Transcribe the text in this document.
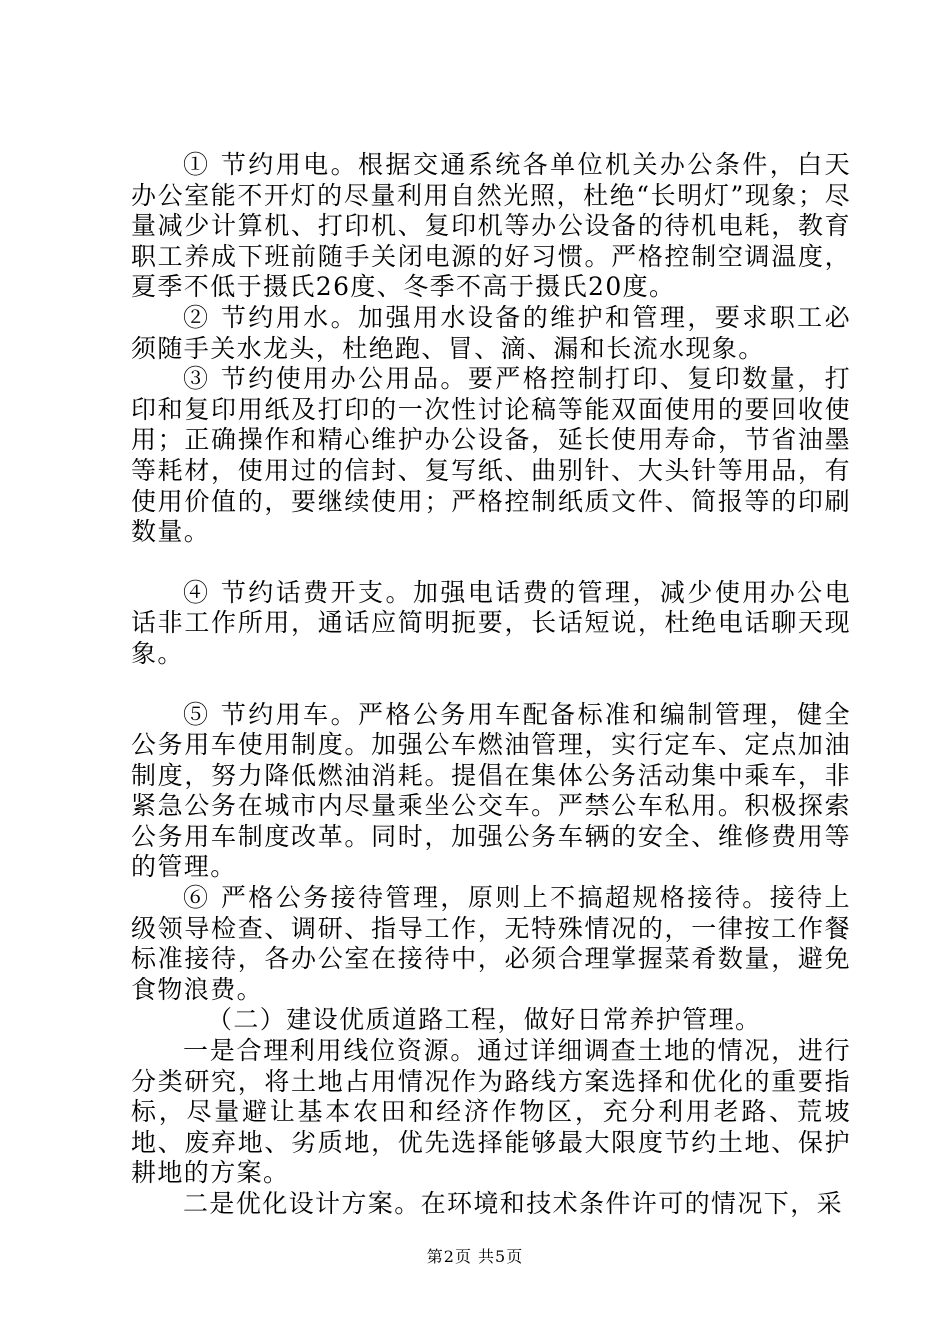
① 节约用电。根据交通系统各单位机关办公条件，白天办公室能不开灯的尽量利用自然光照，杜绝“长明灯”现象；尽量减少计算机、打印机、复印机等办公设备的待机电耗，教育职工养成下班前随手关闭电源的好习惯。严格控制空调温度，夏季不低于摄氏26度、冬季不高于摄氏20度。

② 节约用水。加强用水设备的维护和管理，要求职工必须随手关水龙头，杜绝跑、冒、滴、漏和长流水现象。

③ 节约使用办公用品。要严格控制打印、复印数量，打印和复印用纸及打印的一次性讨论稿等能双面使用的要回收使用；正确操作和精心维护办公设备，延长使用寿命，节省油墨等耗材，使用过的信封、复写纸、曲别针、大头针等用品，有使用价值的，要继续使用；严格控制纸质文件、简报等的印刷数量。

④ 节约话费开支。加强电话费的管理，减少使用办公电话非工作所用，通话应简明扼要，长话短说，杜绝电话聊天现象。

⑤ 节约用车。严格公务用车配备标准和编制管理，健全公务用车使用制度。加强公车燃油管理，实行定车、定点加油制度，努力降低燃油消耗。提倡在集体公务活动集中乘车，非紧急公务在城市内尽量乘坐公交车。严禁公车私用。积极探索公务用车制度改革。同时，加强公务车辆的安全、维修费用等的管理。

⑥ 严格公务接待管理，原则上不搞超规格接待。接待上级领导检查、调研、指导工作，无特殊情况的，一律按工作餐标准接待，各办公室在接待中，必须合理掌握菜肴数量，避免食物浪费。

（二）建设优质道路工程，做好日常养护管理。

一是合理利用线位资源。通过详细调查土地的情况，进行分类研究，将土地占用情况作为路线方案选择和优化的重要指标，尽量避让基本农田和经济作物区，充分利用老路、荒坡地、废弃地、劣质地，优先选择能够最大限度节约土地、保护耕地的方案。

二是优化设计方案。在环境和技术条件许可的情况下，采

第2页 共5页
